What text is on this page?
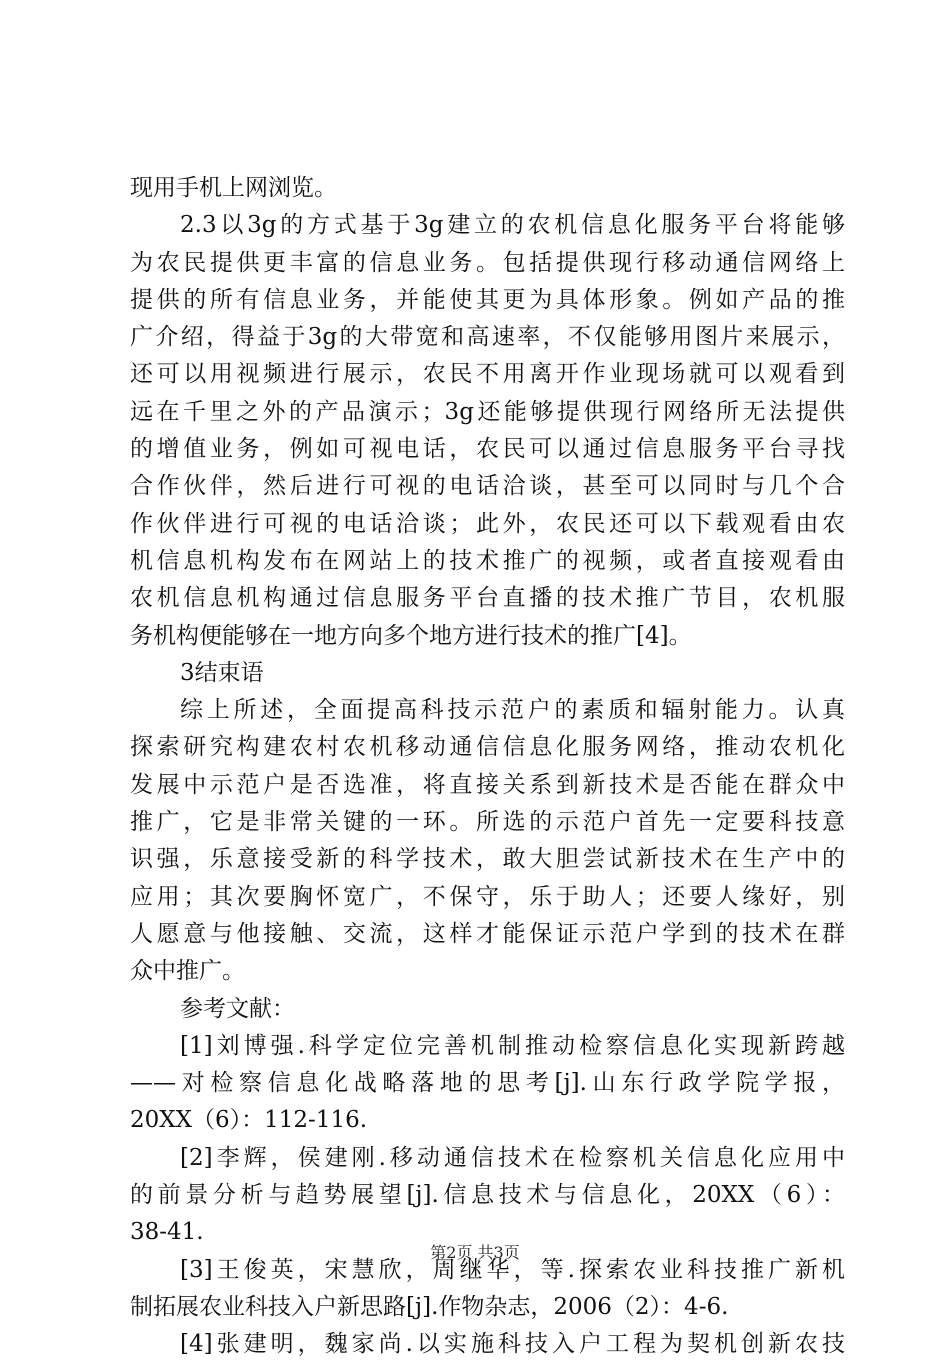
现用手机上网浏览。
2.3以3g的方式基于3g建立的农机信息化服务平台将能够
为农民提供更丰富的信息业务。包括提供现行移动通信网络上
提供的所有信息业务，并能使其更为具体形象。例如产品的推
广介绍，得益于3g的大带宽和高速率，不仅能够用图片来展示，
还可以用视频进行展示，农民不用离开作业现场就可以观看到
远在千里之外的产品演示；3g还能够提供现行网络所无法提供
的增值业务，例如可视电话，农民可以通过信息服务平台寻找
合作伙伴，然后进行可视的电话洽谈，甚至可以同时与几个合
作伙伴进行可视的电话洽谈；此外，农民还可以下载观看由农
机信息机构发布在网站上的技术推广的视频，或者直接观看由
农机信息机构通过信息服务平台直播的技术推广节目，农机服
务机构便能够在一地方向多个地方进行技术的推广[4]。
3结束语
综上所述，全面提高科技示范户的素质和辐射能力。认真
探索研究构建农村农机移动通信信息化服务网络，推动农机化
发展中示范户是否选准，将直接关系到新技术是否能在群众中
推广，它是非常关键的一环。所选的示范户首先一定要科技意
识强，乐意接受新的科学技术，敢大胆尝试新技术在生产中的
应用；其次要胸怀宽广，不保守，乐于助人；还要人缘好，别
人愿意与他接触、交流，这样才能保证示范户学到的技术在群
众中推广。
参考文献：
[1]刘博强.科学定位完善机制推动检察信息化实现新跨越
——对检察信息化战略落地的思考[j].山东行政学院学报，
20XX（6）：112-116.
[2]李辉，侯建刚.移动通信技术在检察机关信息化应用中
的前景分析与趋势展望[j].信息技术与信息化，20XX（6）：
38-41.
[3]王俊英，宋慧欣，周继华，等.探索农业科技推广新机
制拓展农业科技入户新思路[j].作物杂志，2006（2）：4-6.
[4]张建明，魏家尚.以实施科技入户工程为契机创新农技
第2页 共3页
